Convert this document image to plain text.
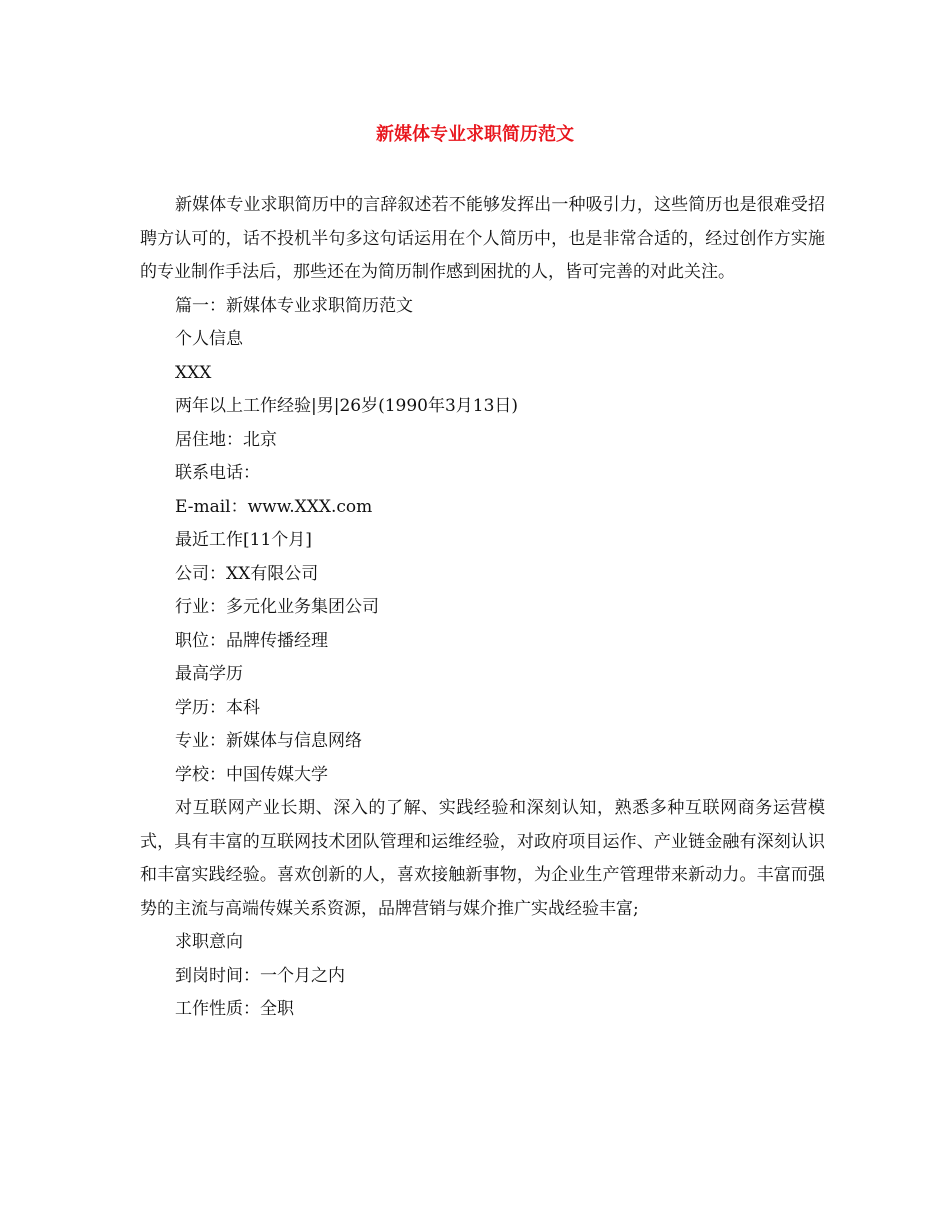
新媒体专业求职简历范文

新媒体专业求职简历中的言辞叙述若不能够发挥出一种吸引力，这些简历也是很难受招聘方认可的，话不投机半句多这句话运用在个人简历中，也是非常合适的，经过创作方实施的专业制作手法后，那些还在为简历制作感到困扰的人，皆可完善的对此关注。

篇一：新媒体专业求职简历范文

个人信息

XXX

两年以上工作经验|男|26岁(1990年3月13日)

居住地：北京

联系电话：

E-mail：www.XXX.com

最近工作[11个月]

公司：XX有限公司

行业：多元化业务集团公司

职位：品牌传播经理

最高学历

学历：本科

专业：新媒体与信息网络

学校：中国传媒大学

对互联网产业长期、深入的了解、实践经验和深刻认知，熟悉多种互联网商务运营模式，具有丰富的互联网技术团队管理和运维经验，对政府项目运作、产业链金融有深刻认识和丰富实践经验。喜欢创新的人，喜欢接触新事物，为企业生产管理带来新动力。丰富而强势的主流与高端传媒关系资源，品牌营销与媒介推广实战经验丰富;

求职意向

到岗时间：一个月之内

工作性质：全职
